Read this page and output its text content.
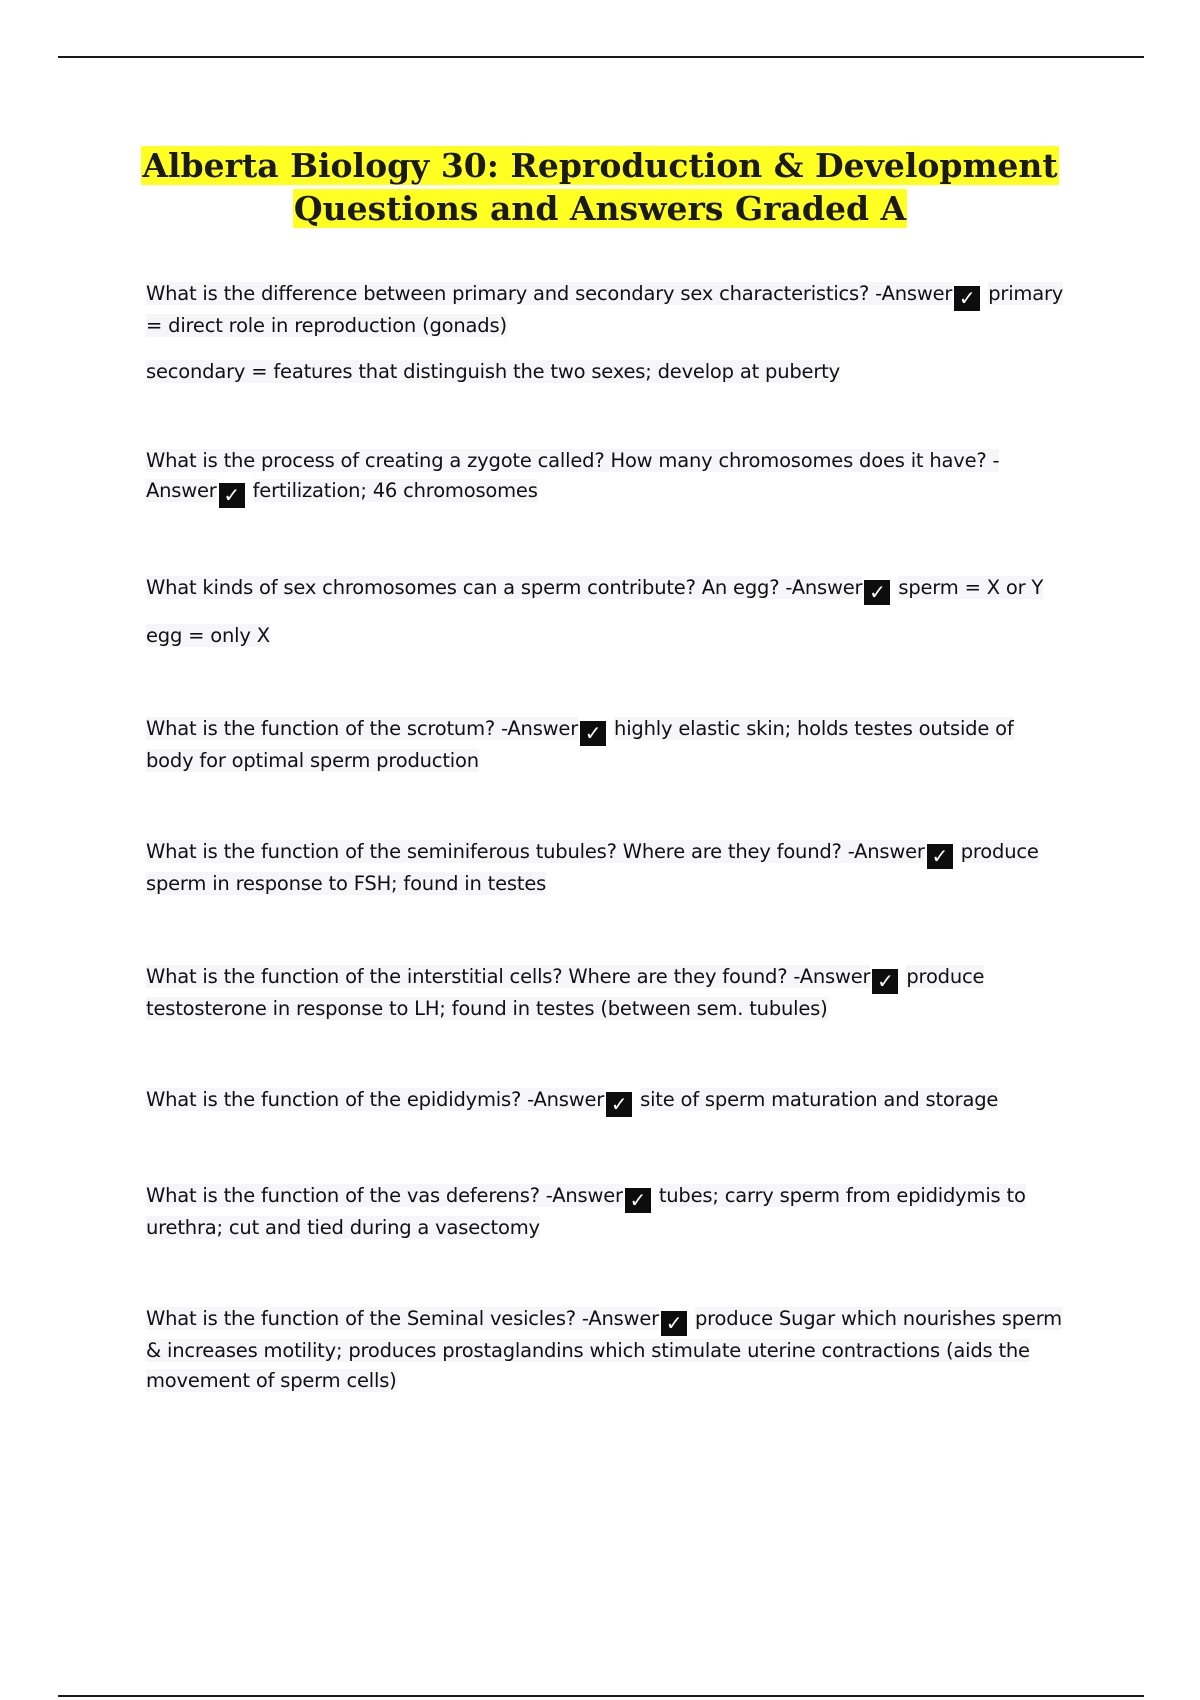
Alberta Biology 30: Reproduction & Development
Questions and Answers Graded A
What is the difference between primary and secondary sex characteristics? -Answer ✓ primary
= direct role in reproduction (gonads)
secondary = features that distinguish the two sexes; develop at puberty
What is the process of creating a zygote called? How many chromosomes does it have? -
Answer ✓ fertilization; 46 chromosomes
What kinds of sex chromosomes can a sperm contribute? An egg? -Answer ✓ sperm = X or Y
egg = only X
What is the function of the scrotum? -Answer ✓ highly elastic skin; holds testes outside of
body for optimal sperm production
What is the function of the seminiferous tubules? Where are they found? -Answer ✓ produce
sperm in response to FSH; found in testes
What is the function of the interstitial cells? Where are they found? -Answer ✓ produce
testosterone in response to LH; found in testes (between sem. tubules)
What is the function of the epididymis? -Answer ✓ site of sperm maturation and storage
What is the function of the vas deferens? -Answer ✓ tubes; carry sperm from epididymis to
urethra; cut and tied during a vasectomy
What is the function of the Seminal vesicles? -Answer ✓ produce Sugar which nourishes sperm
& increases motility; produces prostaglandins which stimulate uterine contractions (aids the
movement of sperm cells)
